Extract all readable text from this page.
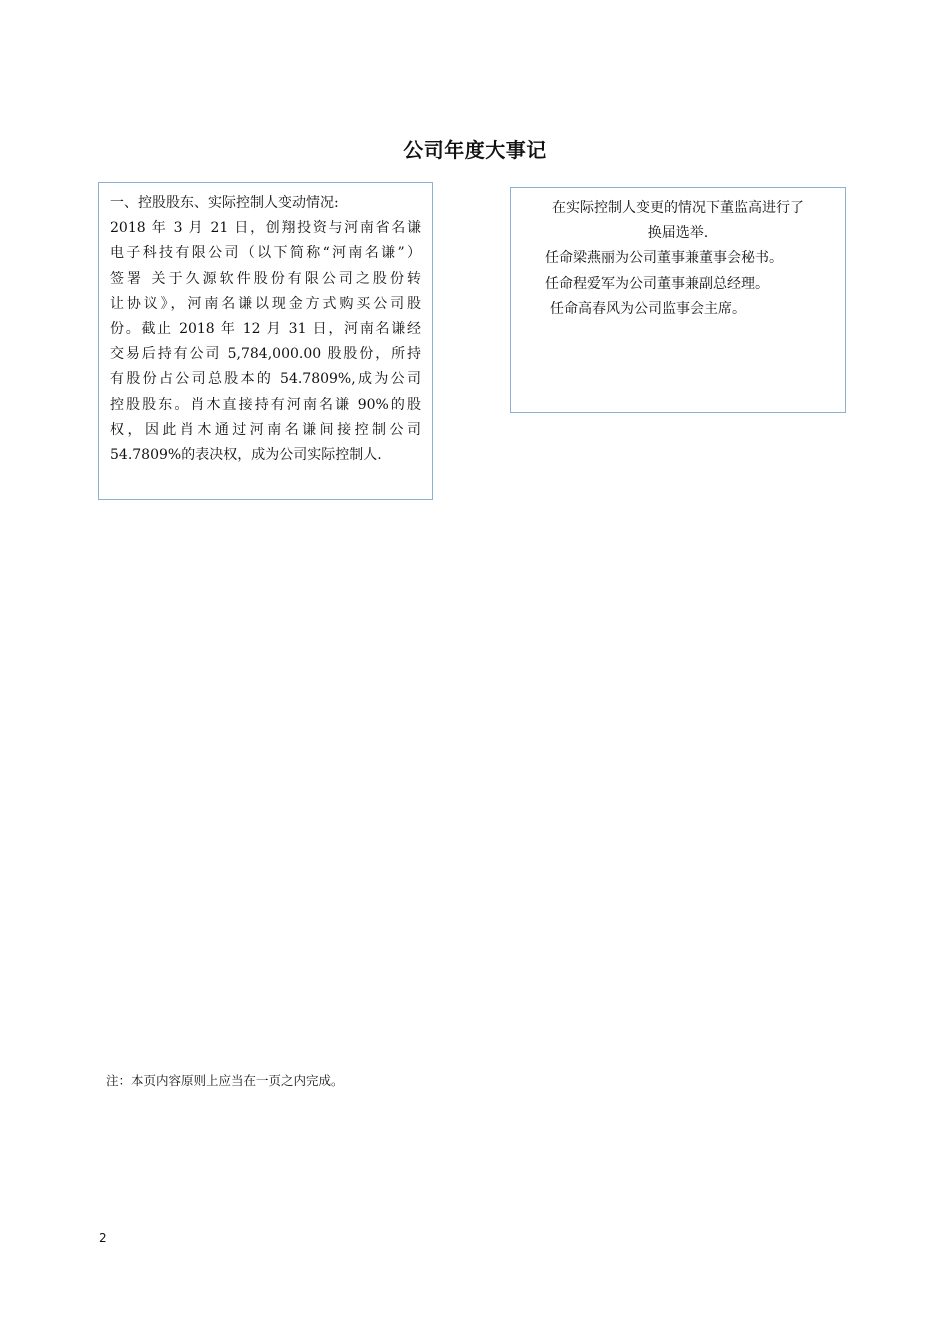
公司年度大事记

一、控股股东、实际控制人变动情况:
2018 年 3 月 21 日，创翔投资与河南省名谦
电子科技有限公司（以下简称“河南名谦”）
签署 关于久源软件股份有限公司之股份转
让协议》，河南名谦以现金方式购买公司股
份。截止 2018 年 12 月 31 日，河南名谦经
交易后持有公司 5,784,000.00 股股份，所持
有股份占公司总股本的 54.7809%,成为公司
控股股东。肖木直接持有河南名谦 90%的股
权，因此肖木通过河南名谦间接控制公司
54.7809%的表决权，成为公司实际控制人.

在实际控制人变更的情况下董监高进行了
换届选举.
任命梁燕丽为公司董事兼董事会秘书。
任命程爱军为公司董事兼副总经理。
任命高春风为公司监事会主席。

注：本页内容原则上应当在一页之内完成。
2
